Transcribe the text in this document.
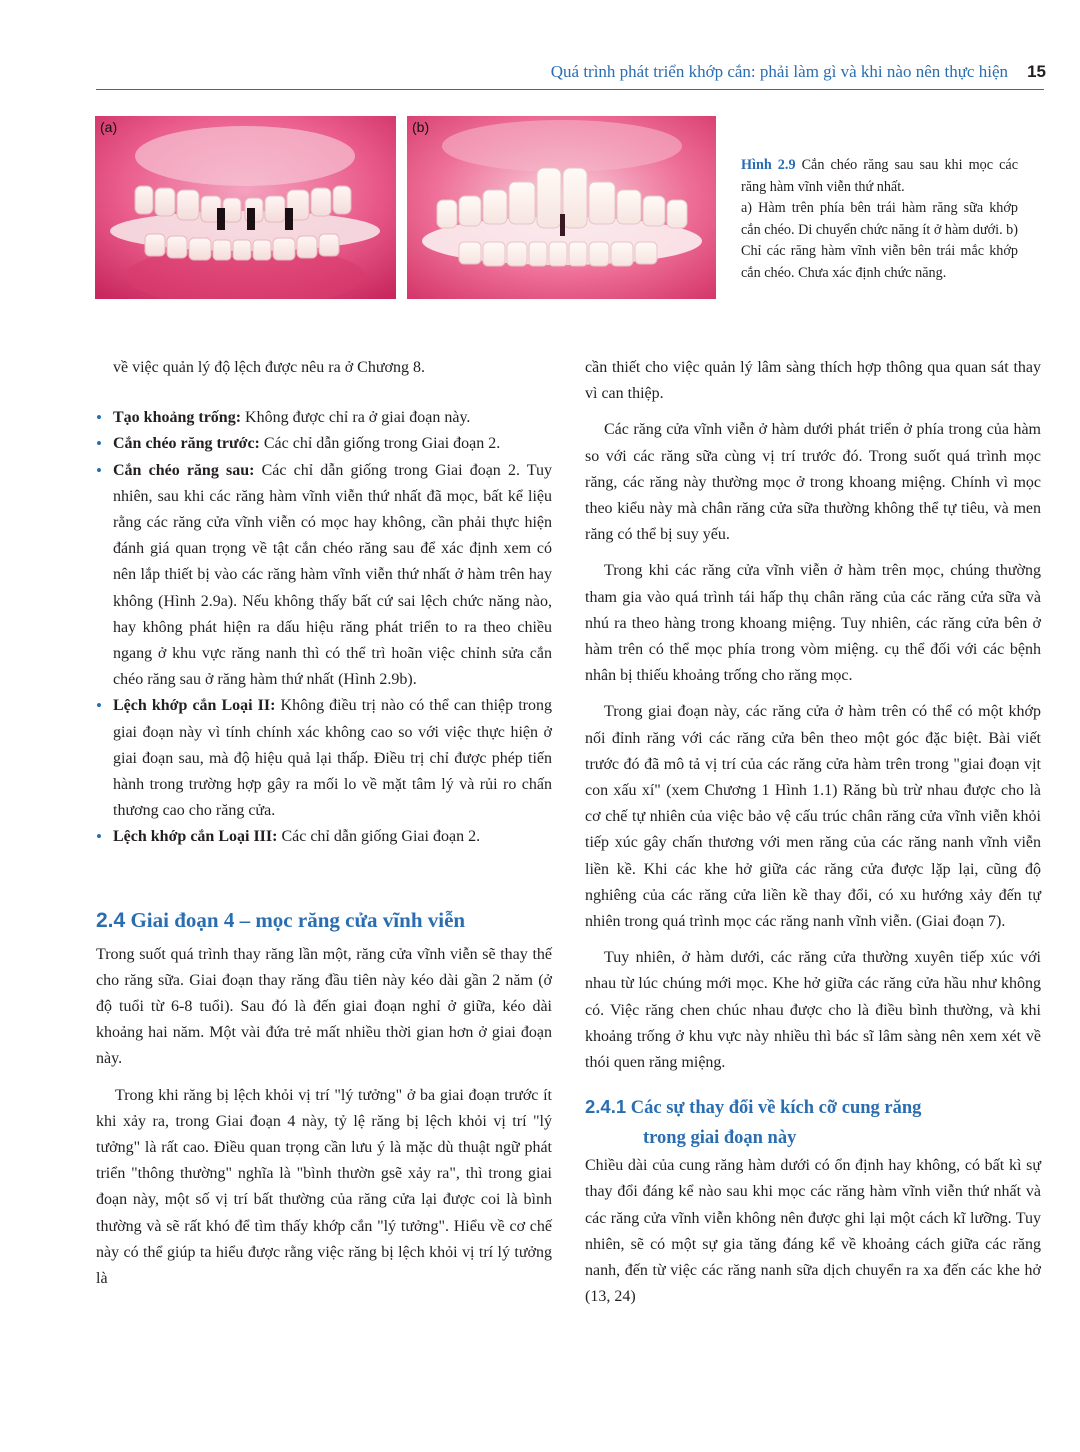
Quá trình phát triển khớp cắn: phải làm gì và khi nào nên thực hiện 15
(a)	(b)
Hình 2.9 Cắn chéo răng sau sau khi mọc các răng hàm vĩnh viễn thứ nhất.
a) Hàm trên phía bên trái hàm răng sữa khớp cắn chéo. Di chuyển chức năng ít ở hàm dưới. b) Chỉ các răng hàm vĩnh viễn bên trái mắc khớp cắn chéo. Chưa xác định chức năng.

về việc quản lý độ lệch được nêu ra ở Chương 8.

• Tạo khoảng trống: Không được chỉ ra ở giai đoạn này.
• Cắn chéo răng trước: Các chỉ dẫn giống trong Giai đoạn 2.
• Cắn chéo răng sau: Các chỉ dẫn giống trong Giai đoạn 2. Tuy nhiên, sau khi các răng hàm vĩnh viễn thứ nhất đã mọc, bất kể liệu rằng các răng cửa vĩnh viễn có mọc hay không, cần phải thực hiện đánh giá quan trọng về tật cắn chéo răng sau để xác định xem có nên lắp thiết bị vào các răng hàm vĩnh viễn thứ nhất ở hàm trên hay không (Hình 2.9a). Nếu không thấy bất cứ sai lệch chức năng nào, hay không phát hiện ra dấu hiệu răng phát triển to ra theo chiều ngang ở khu vực răng nanh thì có thể trì hoãn việc chỉnh sửa cắn chéo răng sau ở răng hàm thứ nhất (Hình 2.9b).
• Lệch khớp cắn Loại II: Không điều trị nào có thể can thiệp trong giai đoạn này vì tính chính xác không cao so với việc thực hiện ở giai đoạn sau, mà độ hiệu quả lại thấp. Điều trị chỉ được phép tiến hành trong trường hợp gây ra mối lo về mặt tâm lý và rủi ro chấn thương cao cho răng cửa.
• Lệch khớp cắn Loại III: Các chỉ dẫn giống Giai đoạn 2.
2.4 Giai đoạn 4 – mọc răng cửa vĩnh viễn

Trong suốt quá trình thay răng lần một, răng cửa vĩnh viễn sẽ thay thế cho răng sữa. Giai đoạn thay răng đầu tiên này kéo dài gần 2 năm (ở độ tuổi từ 6-8 tuổi). Sau đó là đến giai đoạn nghỉ ở giữa, kéo dài khoảng hai năm. Một vài đứa trẻ mất nhiều thời gian hơn ở giai đoạn này.

Trong khi răng bị lệch khỏi vị trí "lý tưởng" ở ba giai đoạn trước ít khi xảy ra, trong Giai đoạn 4 này, tỷ lệ răng bị lệch khỏi vị trí "lý tưởng" là rất cao. Điều quan trọng cần lưu ý là mặc dù thuật ngữ phát triển "thông thường" nghĩa là "bình thườn gsẽ xảy ra", thì trong giai đoạn này, một số vị trí bất thường của răng cửa lại được coi là bình thường và sẽ rất khó để tìm thấy khớp cắn "lý tưởng". Hiểu về cơ chế này có thể giúp ta hiểu được rằng việc răng bị lệch khỏi vị trí lý tưởng là

cần thiết cho việc quản lý lâm sàng thích hợp thông qua quan sát thay vì can thiệp.

Các răng cửa vĩnh viễn ở hàm dưới phát triển ở phía trong của hàm so với các răng sữa cùng vị trí trước đó. Trong suốt quá trình mọc răng, các răng này thường mọc ở trong khoang miệng. Chính vì mọc theo kiểu này mà chân răng cửa sữa thường không thể tự tiêu, và men răng có thể bị suy yếu.

Trong khi các răng cửa vĩnh viễn ở hàm trên mọc, chúng thường tham gia vào quá trình tái hấp thụ chân răng của các răng cửa sữa và nhú ra theo hàng trong khoang miệng. Tuy nhiên, các răng cửa bên ở hàm trên có thể mọc phía trong vòm miệng. cụ thể đối với các bệnh nhân bị thiếu khoảng trống cho răng mọc.

Trong giai đoạn này, các răng cửa ở hàm trên có thể có một khớp nối đỉnh răng với các răng cửa bên theo một góc đặc biệt. Bài viết trước đó đã mô tả vị trí của các răng cửa hàm trên trong "giai đoạn vịt con xấu xí" (xem Chương 1 Hình 1.1) Răng bù trừ nhau được cho là cơ chế tự nhiên của việc bảo vệ cấu trúc chân răng cửa vĩnh viễn khỏi tiếp xúc gây chấn thương với men răng của các răng nanh vĩnh viễn liền kề. Khi các khe hở giữa các răng cửa được lặp lại, cũng độ nghiêng của các răng cửa liền kề thay đổi, có xu hướng xảy đến tự nhiên trong quá trình mọc các răng nanh vĩnh viễn. (Giai đoạn 7).

Tuy nhiên, ở hàm dưới, các răng cửa thường xuyên tiếp xúc với nhau từ lúc chúng mới mọc. Khe hở giữa các răng cửa hầu như không có. Việc răng chen chúc nhau được cho là điều bình thường, và khi khoảng trống ở khu vực này nhiều thì bác sĩ lâm sàng nên xem xét về thói quen răng miệng.

2.4.1 Các sự thay đổi về kích cỡ cung răng
trong giai đoạn này

Chiều dài của cung răng hàm dưới có ổn định hay không, có bất kì sự thay đổi đáng kể nào sau khi mọc các răng hàm vĩnh viễn thứ nhất và các răng cửa vĩnh viễn không nên được ghi lại một cách kĩ lưỡng. Tuy nhiên, sẽ có một sự gia tăng đáng kể về khoảng cách giữa các răng nanh, đến từ việc các răng nanh sữa dịch chuyển ra xa đến các khe hở (13, 24)
